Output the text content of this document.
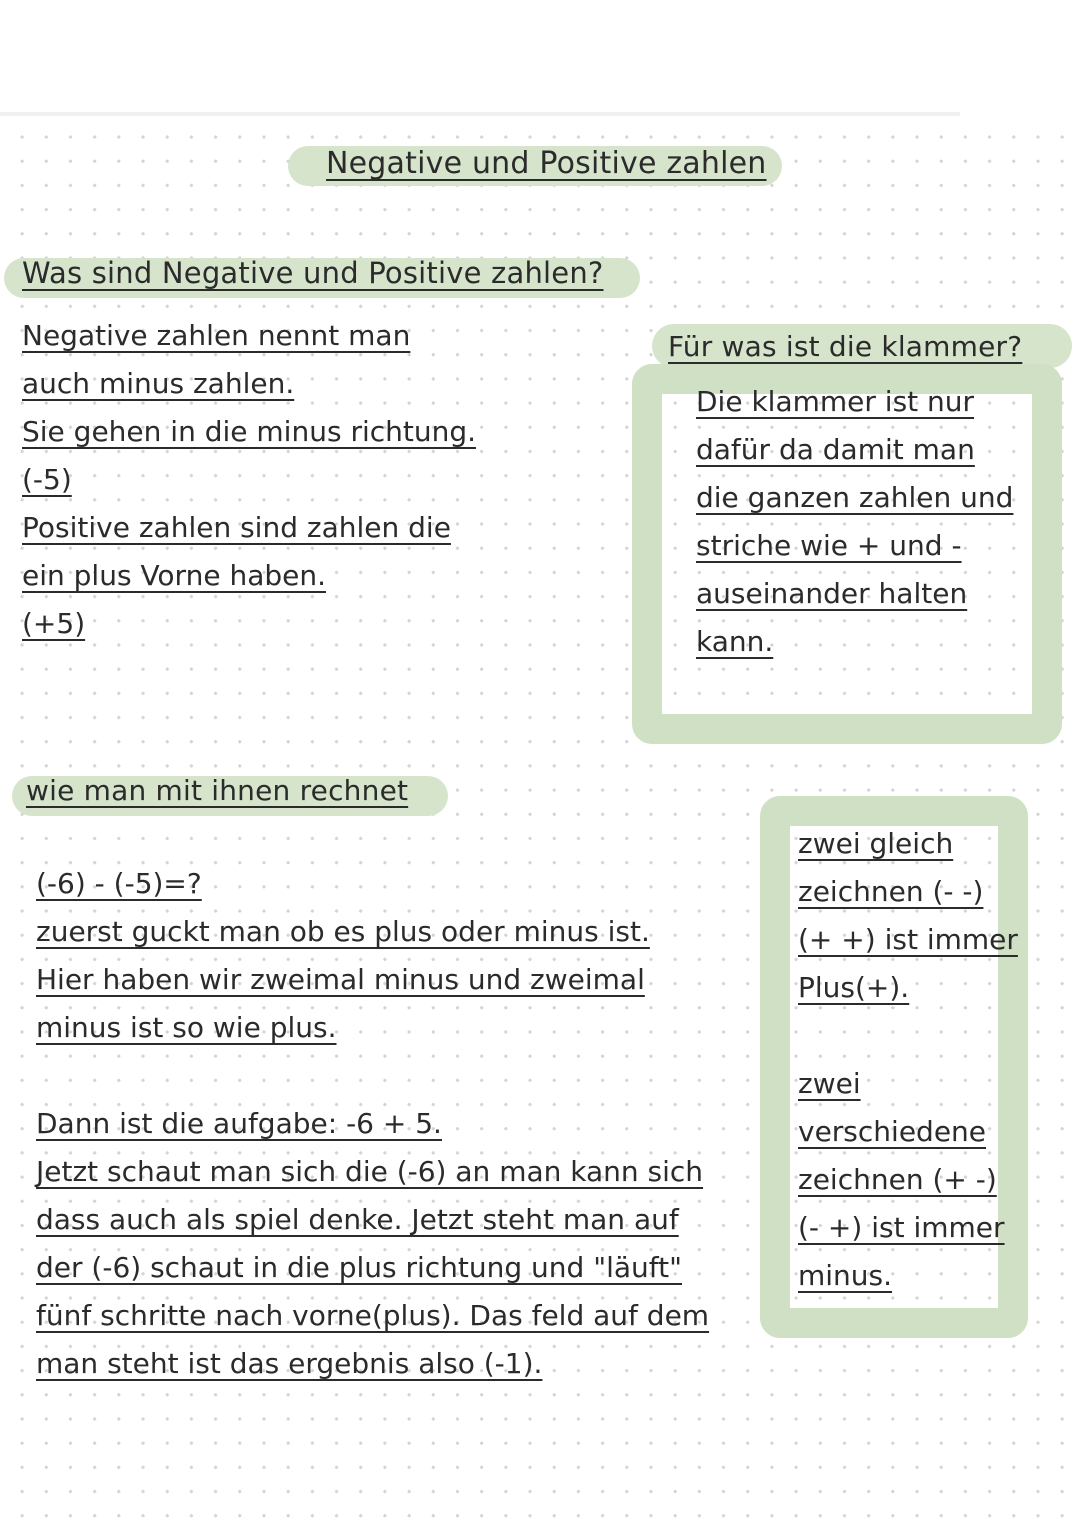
Negative und Positive zahlen
Was sind Negative und Positive zahlen?
Negative zahlen nennt man
auch minus zahlen.
Sie gehen in die minus richtung.
(-5)
Positive zahlen sind zahlen die
ein plus Vorne haben.
(+5)
Für was ist die klammer?
Die klammer ist nur
dafür da damit man
die ganzen zahlen und
striche wie + und -
auseinander halten
kann.
wie man mit ihnen rechnet
(-6) - (-5)=?
zuerst guckt man ob es plus oder minus ist.
Hier haben wir zweimal minus und zweimal
minus ist so wie plus.
Dann ist die aufgabe: -6 + 5.
Jetzt schaut man sich die (-6) an man kann sich
dass auch als spiel denke. Jetzt steht man auf
der (-6) schaut in die plus richtung und "läuft"
fünf schritte nach vorne(plus). Das feld auf dem
man steht ist das ergebnis also (-1).
zwei gleich
zeichnen (- -)
(+ +) ist immer
Plus(+).
zwei
verschiedene
zeichnen (+ -)
(- +) ist immer
minus.
